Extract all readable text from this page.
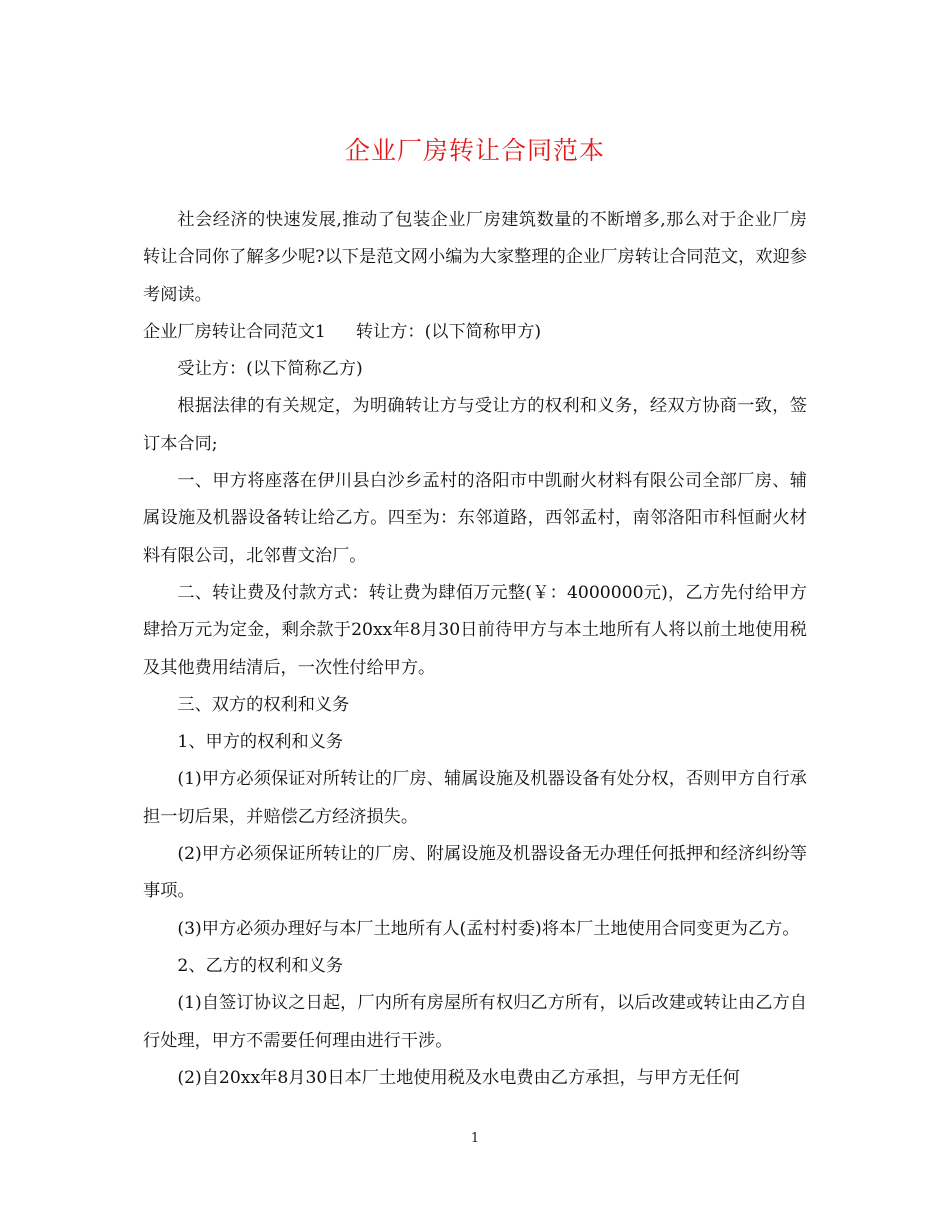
企业厂房转让合同范本

社会经济的快速发展,推动了包装企业厂房建筑数量的不断增多,那么对于企业厂房转让合同你了解多少呢?以下是范文网小编为大家整理的企业厂房转让合同范文，欢迎参考阅读。

企业厂房转让合同范文1 转让方：(以下简称甲方)

受让方：(以下简称乙方)

根据法律的有关规定，为明确转让方与受让方的权利和义务，经双方协商一致，签订本合同;

一、甲方将座落在伊川县白沙乡孟村的洛阳市中凯耐火材料有限公司全部厂房、辅属设施及机器设备转让给乙方。四至为：东邻道路，西邻孟村，南邻洛阳市科恒耐火材料有限公司，北邻曹文治厂。

二、转让费及付款方式：转让费为肆佰万元整(￥：4000000元)，乙方先付给甲方肆拾万元为定金，剩余款于20xx年8月30日前待甲方与本土地所有人将以前土地使用税及其他费用结清后，一次性付给甲方。

三、双方的权利和义务

1、甲方的权利和义务

(1)甲方必须保证对所转让的厂房、辅属设施及机器设备有处分权，否则甲方自行承担一切后果，并赔偿乙方经济损失。

(2)甲方必须保证所转让的厂房、附属设施及机器设备无办理任何抵押和经济纠纷等事项。

(3)甲方必须办理好与本厂土地所有人(孟村村委)将本厂土地使用合同变更为乙方。

2、乙方的权利和义务

(1)自签订协议之日起，厂内所有房屋所有权归乙方所有，以后改建或转让由乙方自行处理，甲方不需要任何理由进行干涉。

(2)自20xx年8月30日本厂土地使用税及水电费由乙方承担，与甲方无任何

1
